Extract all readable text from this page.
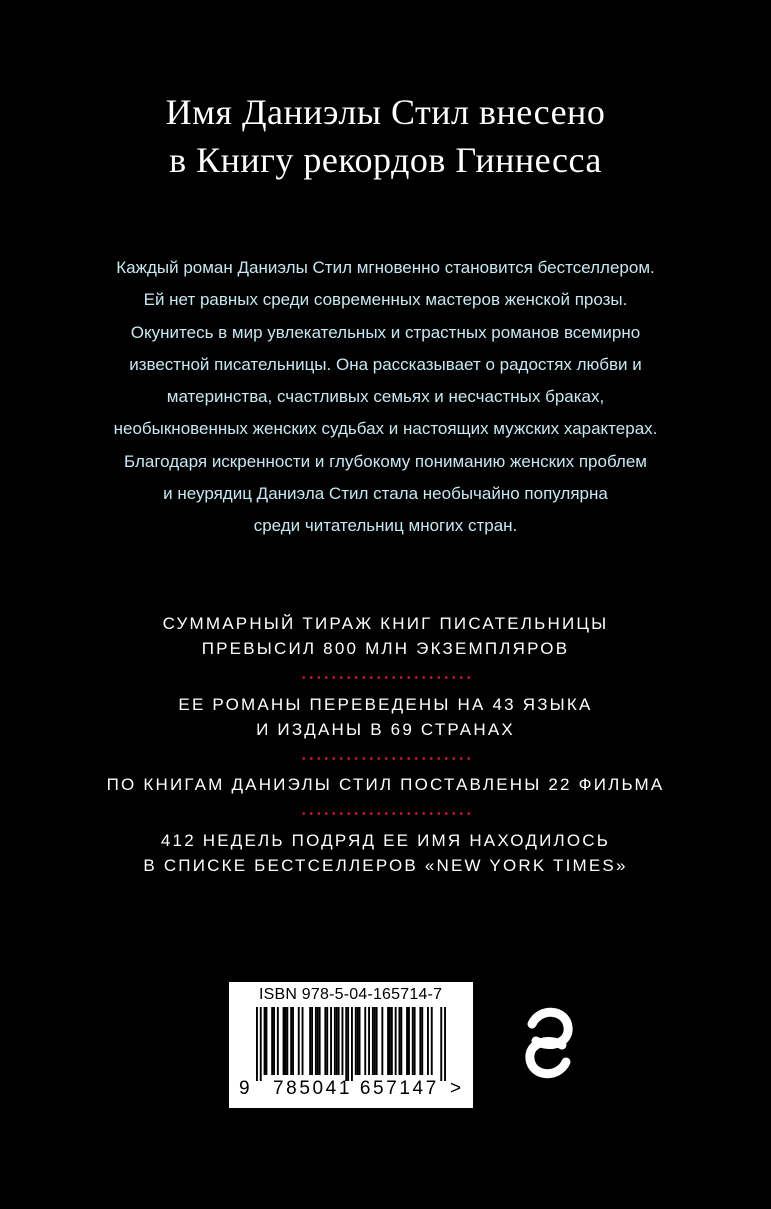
Имя Даниэлы Стил внесено
в Книгу рекордов Гиннесса
Каждый роман Даниэлы Стил мгновенно становится бестселлером.
Ей нет равных среди современных мастеров женской прозы.
Окунитесь в мир увлекательных и страстных романов всемирно
известной писательницы. Она рассказывает о радостях любви и
материнства, счастливых семьях и несчастных браках,
необыкновенных женских судьбах и настоящих мужских характерах.
Благодаря искренности и глубокому пониманию женских проблем
и неурядиц Даниэла Стил стала необычайно популярна
среди читательниц многих стран.
СУММАРНЫЙ ТИРАЖ КНИГ ПИСАТЕЛЬНИЦЫ
ПРЕВЫСИЛ 800 МЛН ЭКЗЕМПЛЯРОВ
ЕЕ РОМАНЫ ПЕРЕВЕДЕНЫ НА 43 ЯЗЫКА
И ИЗДАНЫ В 69 СТРАНАХ
ПО КНИГАМ ДАНИЭЛЫ СТИЛ ПОСТАВЛЕНЫ 22 ФИЛЬМА
412 НЕДЕЛЬ ПОДРЯД ЕЕ ИМЯ НАХОДИЛОСЬ
В СПИСКЕ БЕСТСЕЛЛЕРОВ «NEW YORK TIMES»
ISBN 978-5-04-165714-7
9 785041 657147 >
